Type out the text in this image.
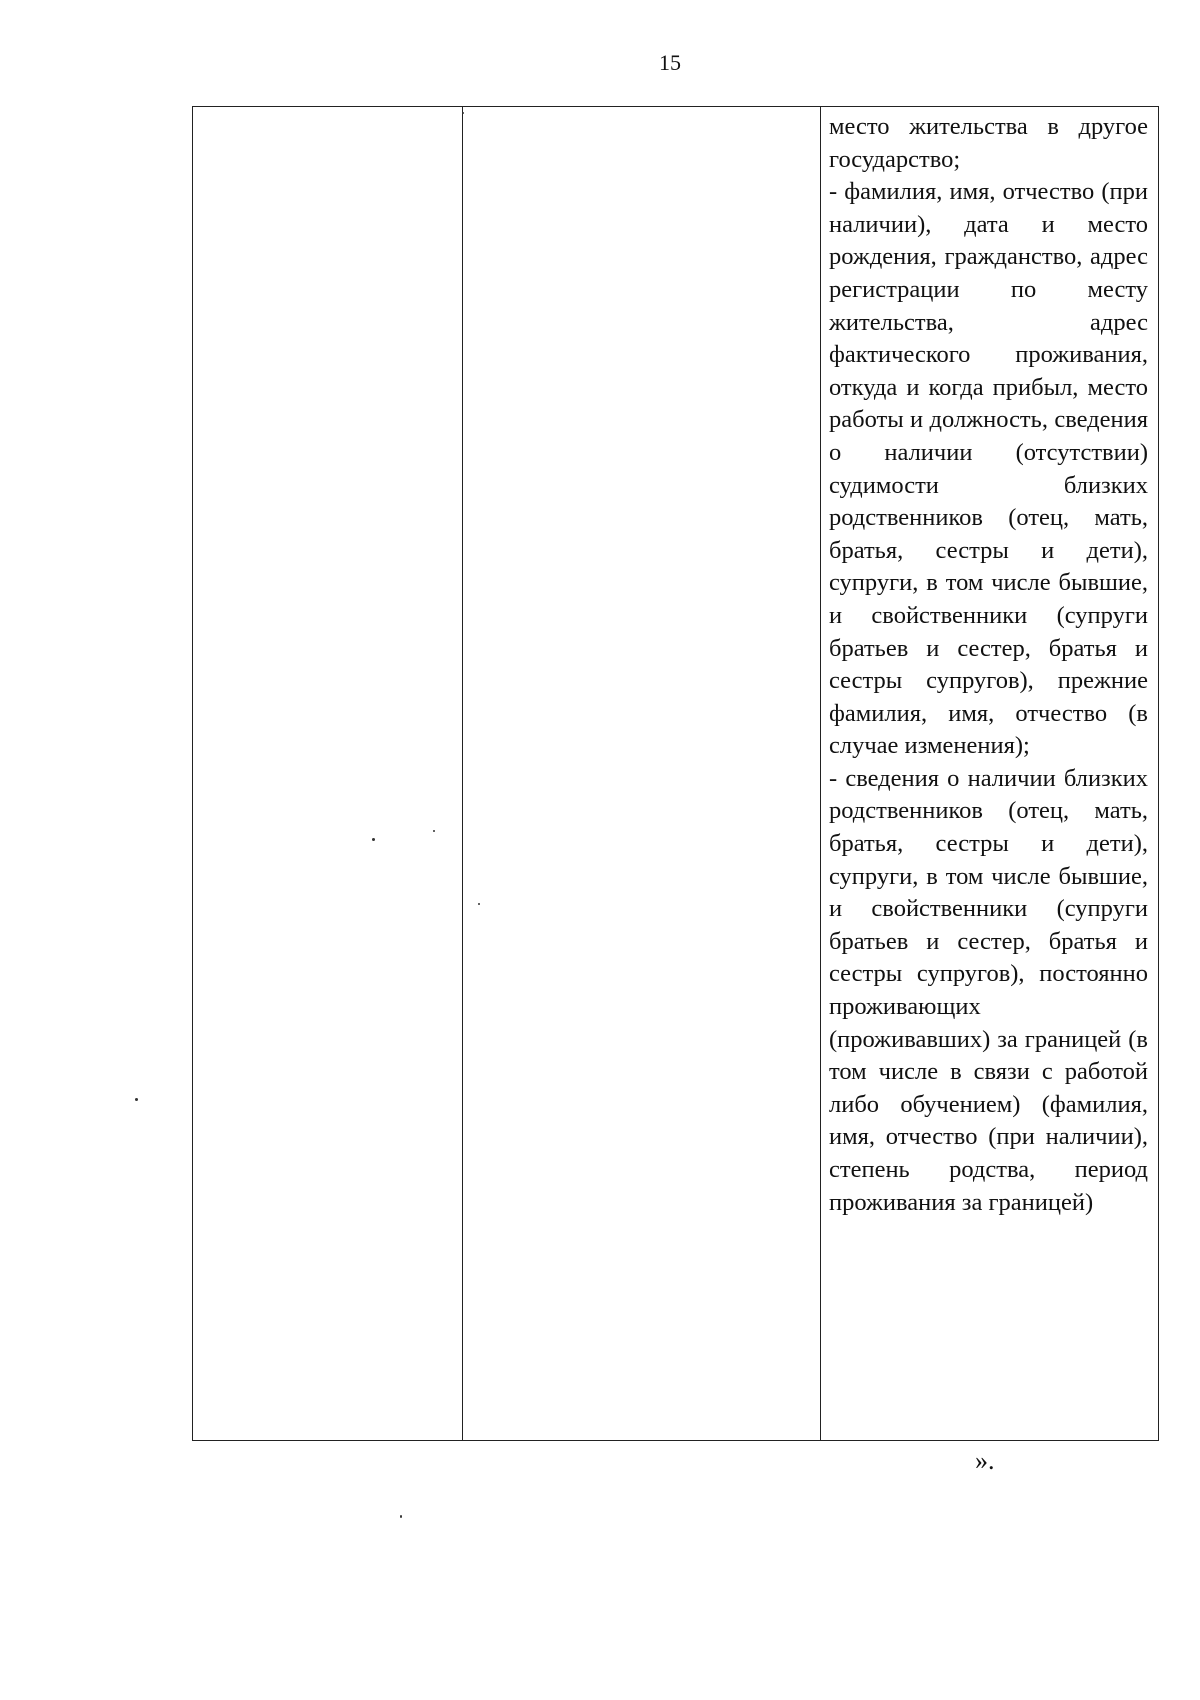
15
место жительства в другое государство;
- фамилия, имя, отчество (при наличии), дата и место рождения, гражданство, адрес регистрации по месту жительства, адрес фактического проживания, откуда и когда прибыл, место работы и должность, сведения о наличии (отсутствии) судимости близких родственников (отец, мать, братья, сестры и дети), супруги, в том числе бывшие, и свойственники (супруги братьев и сестер, братья и сестры супругов), прежние фамилия, имя, отчество (в случае изменения);
- сведения о наличии близких родственников (отец, мать, братья, сестры и дети), супруги, в том числе бывшие, и свойственники (супруги братьев и сестер, братья и сестры супругов), постоянно проживающих (проживавших) за границей (в том числе в связи с работой либо обучением) (фамилия, имя, отчество (при наличии), степень родства, период проживания за границей)
».
